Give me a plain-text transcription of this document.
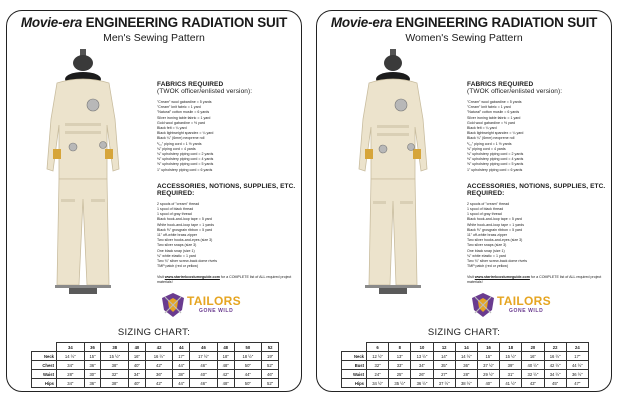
Movie-era ENGINEERING RADIATION SUIT
Men's Sewing Pattern
FABRICS REQUIRED
(TWOK officer/enlisted version):
"Cream" wool gabardine = 5 yards
"Cream" knit fabric = 1 yard
"Natural" cotton muslin = 6 yards
Silver ironing table fabric = 1 yard
Gold wool gabardine = ½ yard
Black felt = ¼ yard
Black lightweight spandex = ¼ yard
Black ¼" (6mm) neoprene roll
¹/₁₆" piping cord = 1 ½ yards
¾" piping cord = 4 yards
¾" upholstery piping cord = 2 yards
⅜" upholstery piping cord = 4 yards
⅝" upholstery piping cord = 5 yards
1" upholstery piping cord = 6 yards
ACCESSORIES, NOTIONS, SUPPLIES, ETC. REQUIRED:
2 spools of "cream" thread
1 spool of black thread
1 spool of gray thread
Black hook-and-loop tape = 5 yard
White hook-and-loop tape = 1 yards
Black ⅝" grosgrain ribbon = 5 yard
11" off-white brass zipper
Two silver hooks-and-eyes (size 3)
Two silver snaps (size 3)
One black snap (size 1)
¾" white elastic = 1 yard
Two ¾" silver screw-back dome rivets
TMP patch (red or yellow)
Visit www.startrekcostumeguide.com for a COMPLETE list of ALL required project materials!
TAILORS
GONE WILD
SIZING CHART:
	34	36	38	40	42	44	46	48	50	52
Neck	14 ½"	15"	15 ½"	16"	16 ½"	17"	17 ½"	18"	18 ½"	19"
Chest	34"	36"	38"	40"	42"	44"	46"	48"	50"	52"
Waist	28"	30"	32"	34"	36"	38"	40"	42"	44"	46"
Hips	34"	36"	38"	40"	42"	44"	46"	48"	50"	52"
Movie-era ENGINEERING RADIATION SUIT
Women's Sewing Pattern
FABRICS REQUIRED
(TWOK officer/enlisted version):
"Cream" wool gabardine = 5 yards
"Cream" knit fabric = 1 yard
"Natural" cotton muslin = 6 yards
Silver ironing table fabric = 1 yard
Gold wool gabardine = ½ yard
Black felt = ¼ yard
Black lightweight spandex = ¼ yard
Black ¼" (6mm) neoprene roll
¹/₁₆" piping cord = 1 ½ yards
¾" piping cord = 4 yards
¾" upholstery piping cord = 2 yards
⅜" upholstery piping cord = 4 yards
⅝" upholstery piping cord = 5 yards
1" upholstery piping cord = 6 yards
ACCESSORIES, NOTIONS, SUPPLIES, ETC. REQUIRED:
2 spools of "cream" thread
1 spool of black thread
1 spool of gray thread
Black hook-and-loop tape = 5 yard
White hook-and-loop tape = 1 yards
Black ⅝" grosgrain ribbon = 5 yard
11" off-white brass zipper
Two silver hooks-and-eyes (size 3)
Two silver snaps (size 3)
One black snap (size 1)
¾" white elastic = 1 yard
Two ¾" silver screw-back dome rivets
TMP patch (red or yellow)
Visit www.startrekcostumeguide.com for a COMPLETE list of ALL required project materials!
TAILORS
GONE WILD
SIZING CHART:
	6	8	10	12	14	16	18	20	22	24
Neck	12 ½"	13"	13 ½"	14"	14 ½"	15"	15 ½"	16"	16 ½"	17"
Bust	32"	33"	34"	35"	36"	37 ½"	39"	40 ½"	42 ½"	44 ½"
Waist	24"	25"	26"	27"	28"	29 ½"	31"	32 ½"	34 ½"	36 ½"
Hips	34 ½"	35 ½"	36 ½"	37 ½"	38 ½"	40"	41 ½"	43"	45"	47"
